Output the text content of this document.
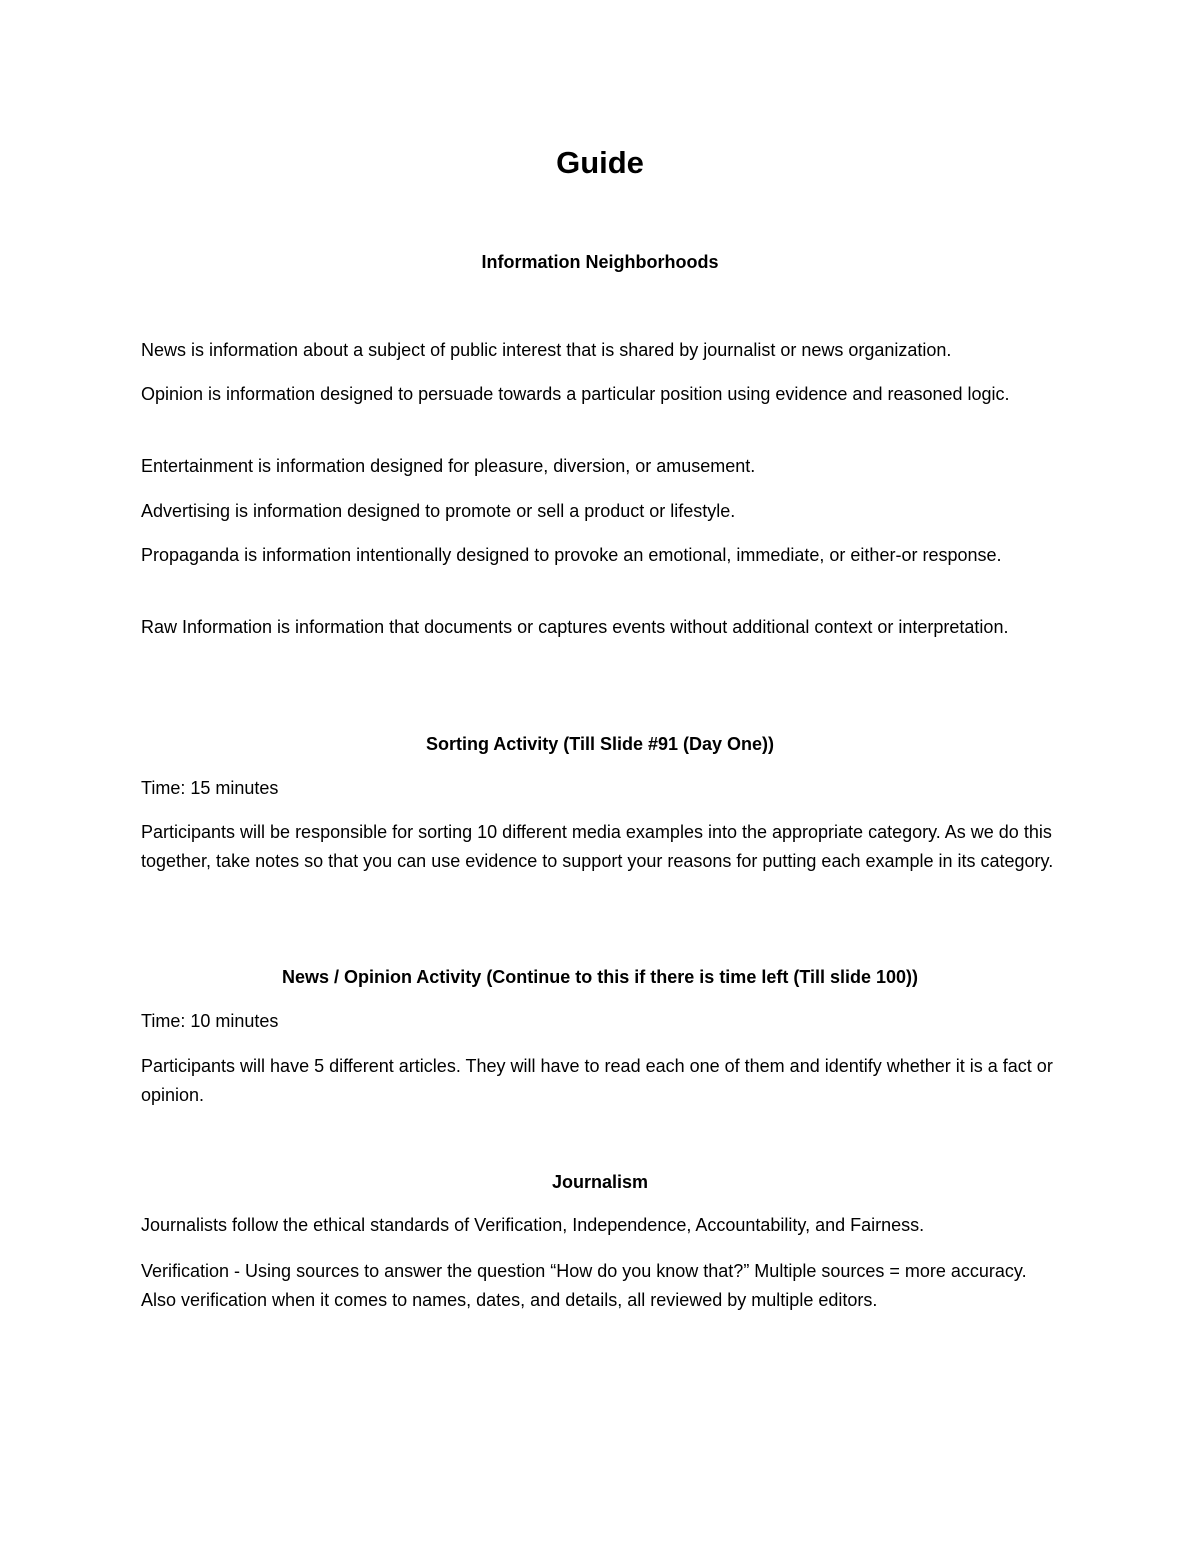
Guide
Information Neighborhoods
News is information about a subject of public interest that is shared by journalist or news organization.
Opinion is information designed to persuade towards a particular position using evidence and reasoned logic.
Entertainment is information designed for pleasure, diversion, or amusement.
Advertising is information designed to promote or sell a product or lifestyle.
Propaganda is information intentionally designed to provoke an emotional, immediate, or either-or response.
Raw Information is information that documents or captures events without additional context or interpretation.
Sorting Activity (Till Slide #91 (Day One))
Time: 15 minutes
Participants will be responsible for sorting 10 different media examples into the appropriate category. As we do this together, take notes so that you can use evidence to support your reasons for putting each example in its category.
News / Opinion Activity (Continue to this if there is time left (Till slide 100))
Time: 10 minutes
Participants will have 5 different articles. They will have to read each one of them and identify whether it is a fact or opinion.
Journalism
Journalists follow the ethical standards of Verification, Independence, Accountability, and Fairness.
Verification - Using sources to answer the question “How do you know that?” Multiple sources = more accuracy. Also verification when it comes to names, dates, and details, all reviewed by multiple editors.
